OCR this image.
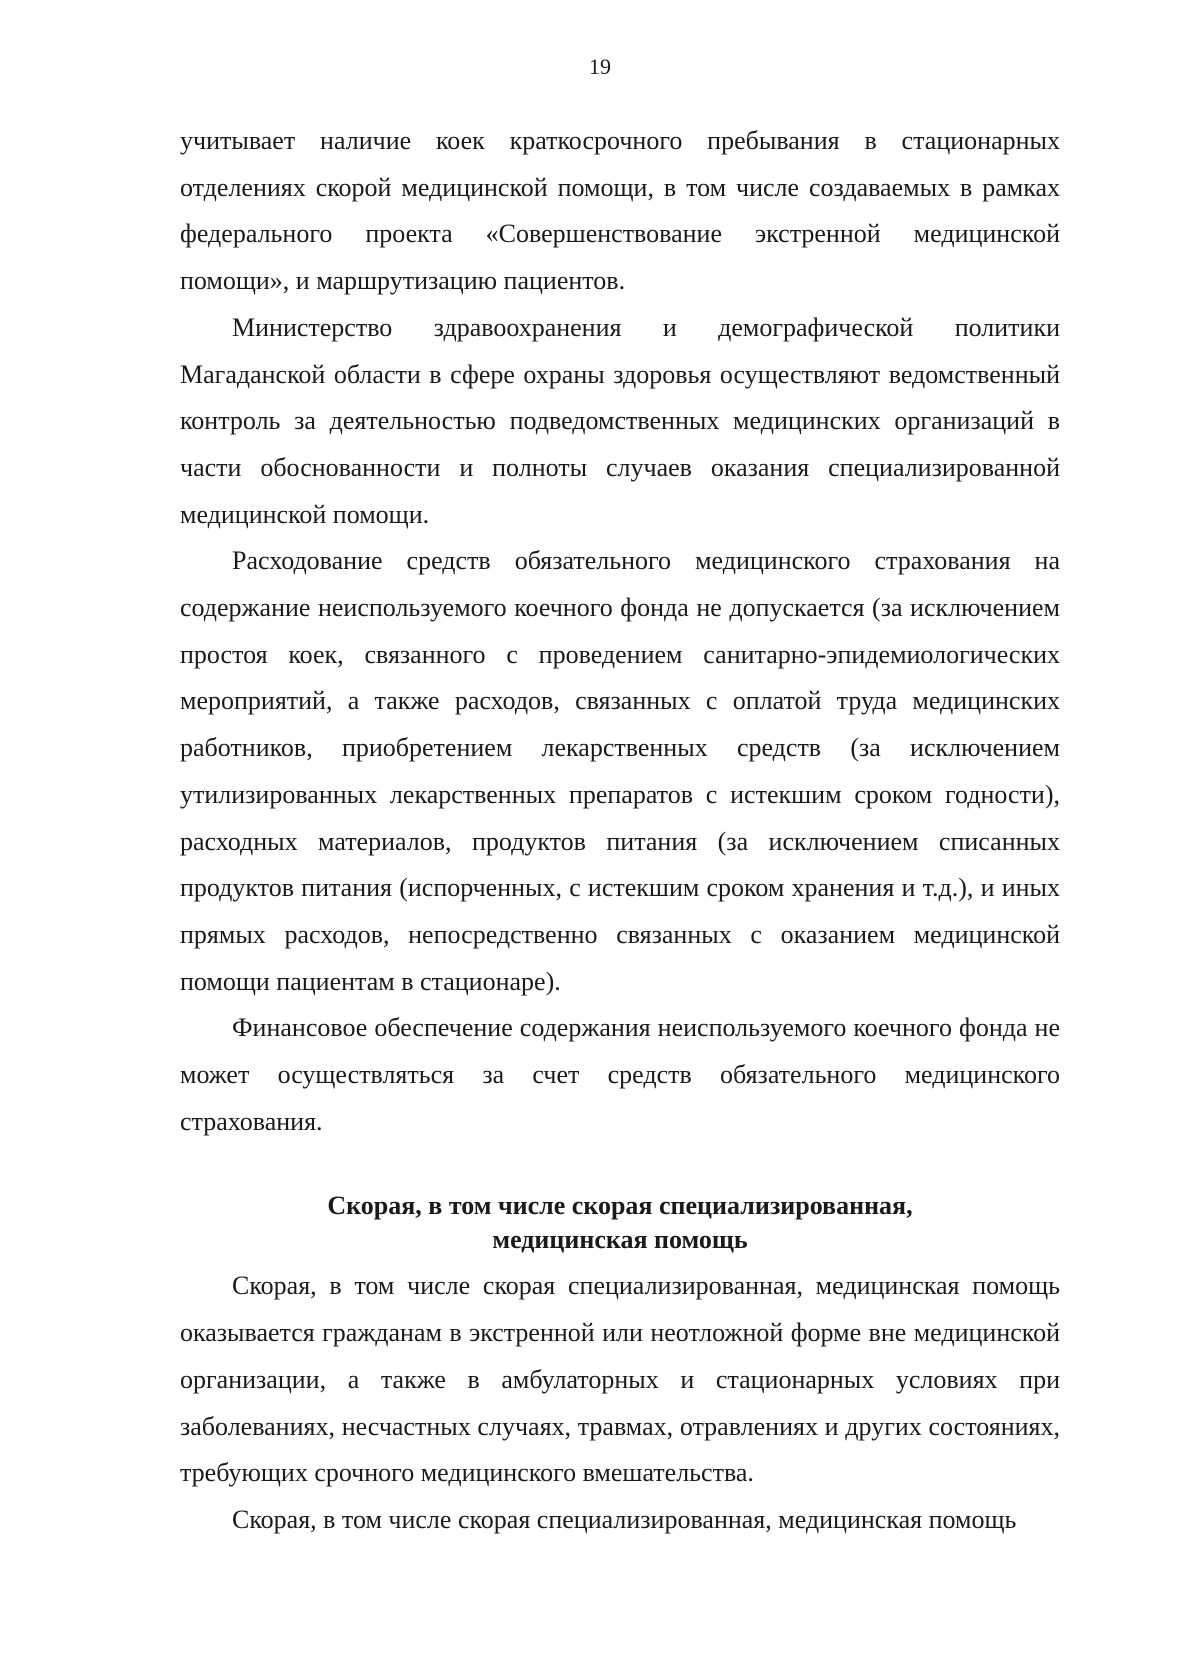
19

учитывает наличие коек краткосрочного пребывания в стационарных отделениях скорой медицинской помощи, в том числе создаваемых в рамках федерального проекта «Совершенствование экстренной медицинской помощи», и маршрутизацию пациентов.

Министерство здравоохранения и демографической политики Магаданской области в сфере охраны здоровья осуществляют ведомственный контроль за деятельностью подведомственных медицинских организаций в части обоснованности и полноты случаев оказания специализированной медицинской помощи.

Расходование средств обязательного медицинского страхования на содержание неиспользуемого коечного фонда не допускается (за исключением простоя коек, связанного с проведением санитарно-эпидемиологических мероприятий, а также расходов, связанных с оплатой труда медицинских работников, приобретением лекарственных средств (за исключением утилизированных лекарственных препаратов с истекшим сроком годности), расходных материалов, продуктов питания (за исключением списанных продуктов питания (испорченных, с истекшим сроком хранения и т.д.), и иных прямых расходов, непосредственно связанных с оказанием медицинской помощи пациентам в стационаре).

Финансовое обеспечение содержания неиспользуемого коечного фонда не может осуществляться за счет средств обязательного медицинского страхования.

Скорая, в том числе скорая специализированная,
медицинская помощь

Скорая, в том числе скорая специализированная, медицинская помощь оказывается гражданам в экстренной или неотложной форме вне медицинской организации, а также в амбулаторных и стационарных условиях при заболеваниях, несчастных случаях, травмах, отравлениях и других состояниях, требующих срочного медицинского вмешательства.

Скорая, в том числе скорая специализированная, медицинская помощь
